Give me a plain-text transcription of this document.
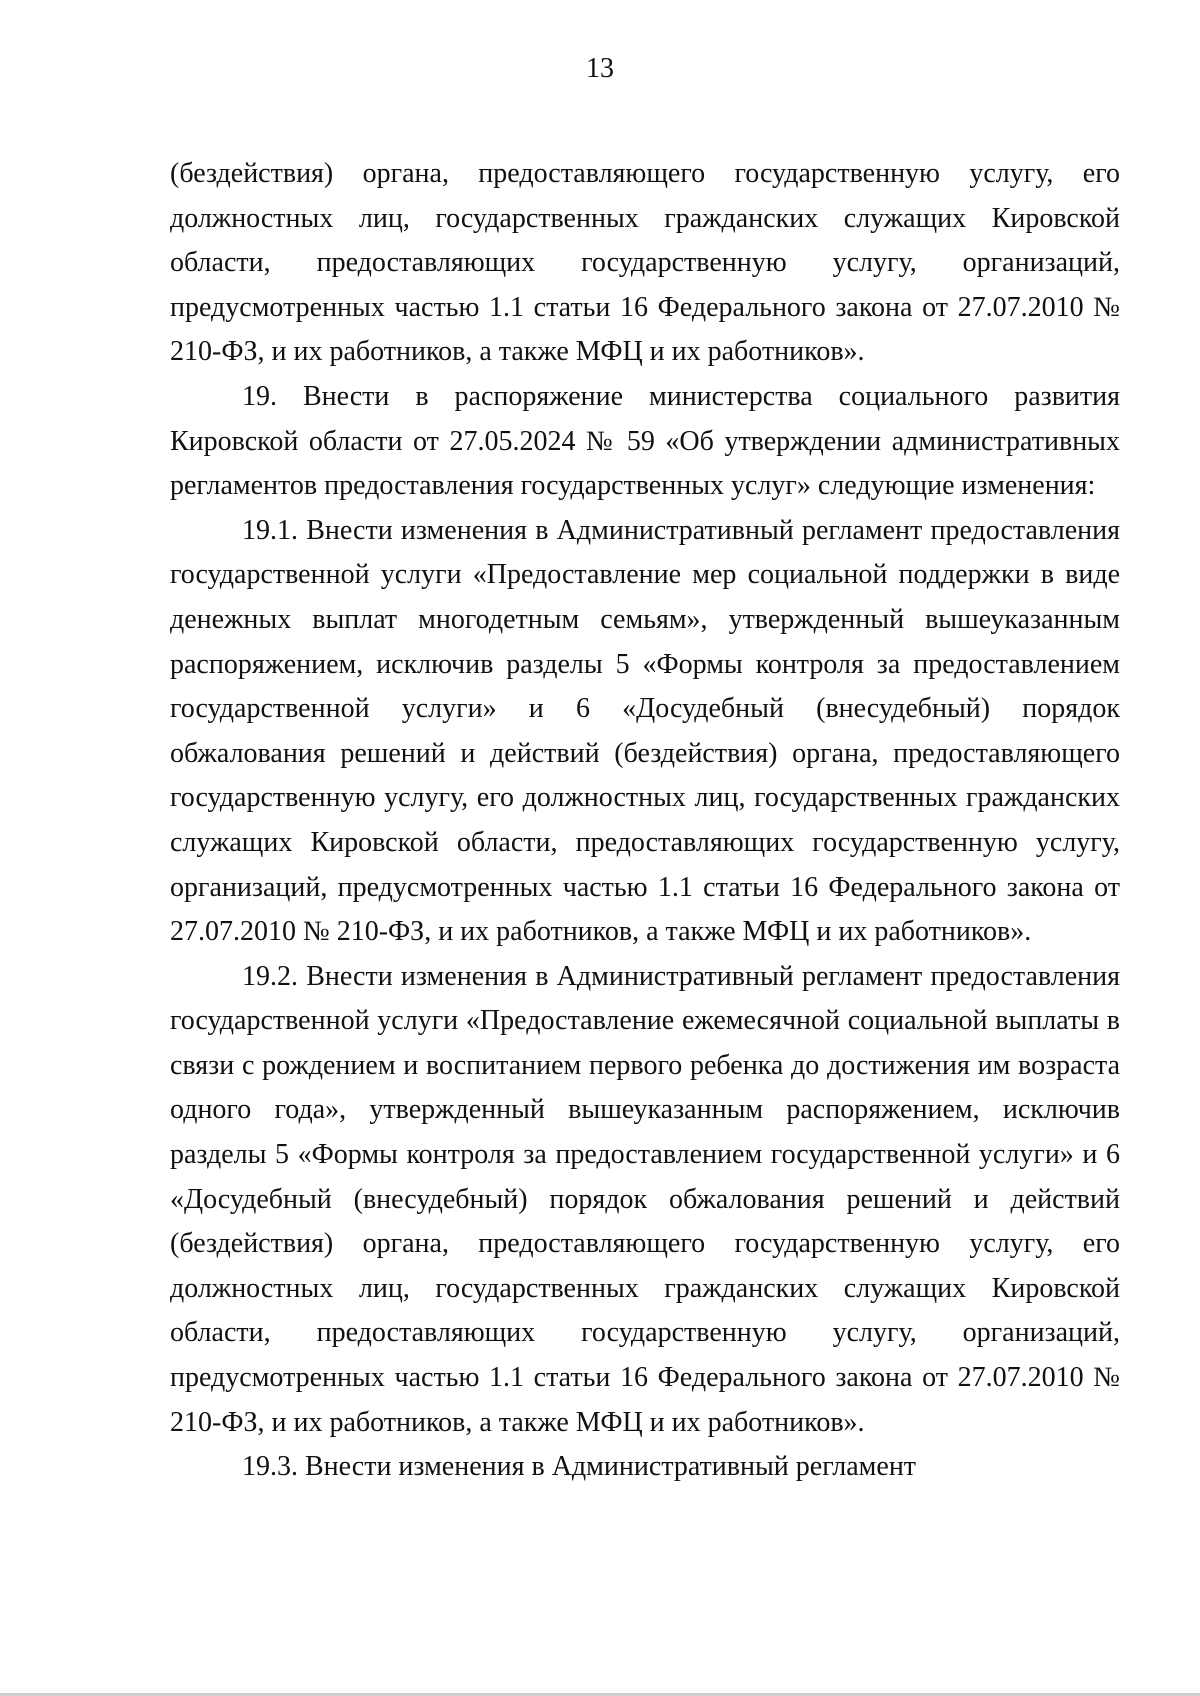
13

(бездействия) органа, предоставляющего государственную услугу, его должностных лиц, государственных гражданских служащих Кировской области, предоставляющих государственную услугу, организаций, предусмотренных частью 1.1 статьи 16 Федерального закона от 27.07.2010 № 210-ФЗ, и их работников, а также МФЦ и их работников».

19. Внести в распоряжение министерства социального развития Кировской области от 27.05.2024 № 59 «Об утверждении административных регламентов предоставления государственных услуг» следующие изменения:

19.1. Внести изменения в Административный регламент предоставления государственной услуги «Предоставление мер социальной поддержки в виде денежных выплат многодетным семьям», утвержденный вышеуказанным распоряжением, исключив разделы 5 «Формы контроля за предоставлением государственной услуги» и 6 «Досудебный (внесудебный) порядок обжалования решений и действий (бездействия) органа, предоставляющего государственную услугу, его должностных лиц, государственных гражданских служащих Кировской области, предоставляющих государственную услугу, организаций, предусмотренных частью 1.1 статьи 16 Федерального закона от 27.07.2010 № 210-ФЗ, и их работников, а также МФЦ и их работников».

19.2. Внести изменения в Административный регламент предоставления государственной услуги «Предоставление ежемесячной социальной выплаты в связи с рождением и воспитанием первого ребенка до достижения им возраста одного года», утвержденный вышеуказанным распоряжением, исключив разделы 5 «Формы контроля за предоставлением государственной услуги» и 6 «Досудебный (внесудебный) порядок обжалования решений и действий (бездействия) органа, предоставляющего государственную услугу, его должностных лиц, государственных гражданских служащих Кировской области, предоставляющих государственную услугу, организаций, предусмотренных частью 1.1 статьи 16 Федерального закона от 27.07.2010 № 210-ФЗ, и их работников, а также МФЦ и их работников».

19.3. Внести изменения в Административный регламент
